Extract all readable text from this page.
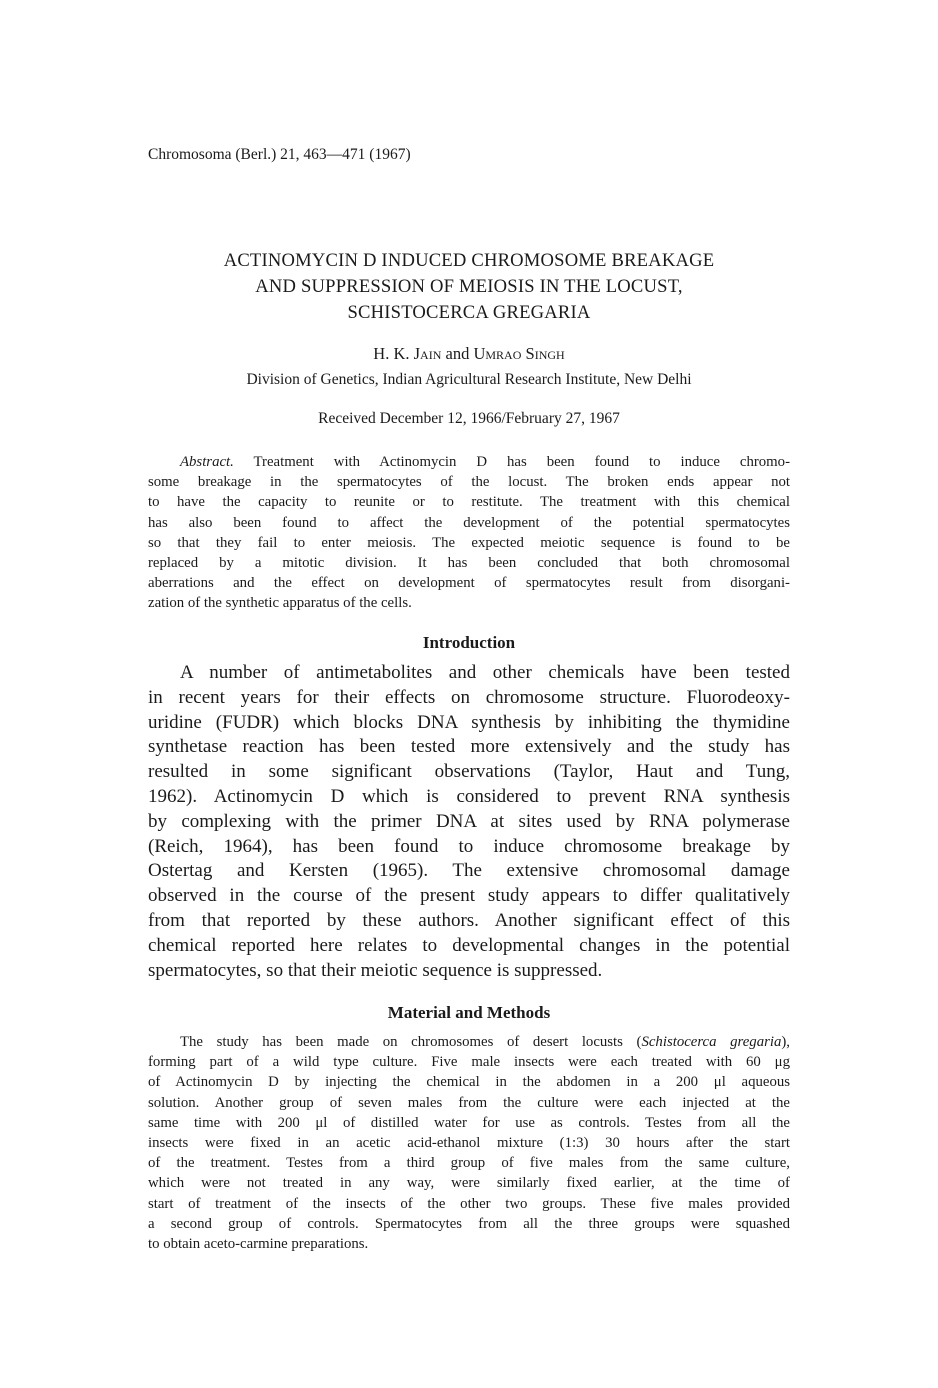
Chromosoma (Berl.) 21, 463—471 (1967)
ACTINOMYCIN D INDUCED CHROMOSOME BREAKAGE
AND SUPPRESSION OF MEIOSIS IN THE LOCUST,
SCHISTOCERCA GREGARIA
H. K. Jain and Umrao Singh
Division of Genetics, Indian Agricultural Research Institute, New Delhi
Received December 12, 1966/February 27, 1967
Abstract. Treatment with Actinomycin D has been found to induce chromo-
some breakage in the spermatocytes of the locust. The broken ends appear not
to have the capacity to reunite or to restitute. The treatment with this chemical
has also been found to affect the development of the potential spermatocytes
so that they fail to enter meiosis. The expected meiotic sequence is found to be
replaced by a mitotic division. It has been concluded that both chromosomal
aberrations and the effect on development of spermatocytes result from disorgani-
zation of the synthetic apparatus of the cells.
Introduction
A number of antimetabolites and other chemicals have been tested
in recent years for their effects on chromosome structure. Fluorodeoxy-
uridine (FUDR) which blocks DNA synthesis by inhibiting the thymidine
synthetase reaction has been tested more extensively and the study has
resulted in some significant observations (Taylor, Haut and Tung,
1962). Actinomycin D which is considered to prevent RNA synthesis
by complexing with the primer DNA at sites used by RNA polymerase
(Reich, 1964), has been found to induce chromosome breakage by
Ostertag and Kersten (1965). The extensive chromosomal damage
observed in the course of the present study appears to differ qualitatively
from that reported by these authors. Another significant effect of this
chemical reported here relates to developmental changes in the potential
spermatocytes, so that their meiotic sequence is suppressed.
Material and Methods
The study has been made on chromosomes of desert locusts (Schistocerca gregaria),
forming part of a wild type culture. Five male insects were each treated with 60 μg
of Actinomycin D by injecting the chemical in the abdomen in a 200 μl aqueous
solution. Another group of seven males from the culture were each injected at the
same time with 200 μl of distilled water for use as controls. Testes from all the
insects were fixed in an acetic acid-ethanol mixture (1:3) 30 hours after the start
of the treatment. Testes from a third group of five males from the same culture,
which were not treated in any way, were similarly fixed earlier, at the time of
start of treatment of the insects of the other two groups. These five males provided
a second group of controls. Spermatocytes from all the three groups were squashed
to obtain aceto-carmine preparations.
